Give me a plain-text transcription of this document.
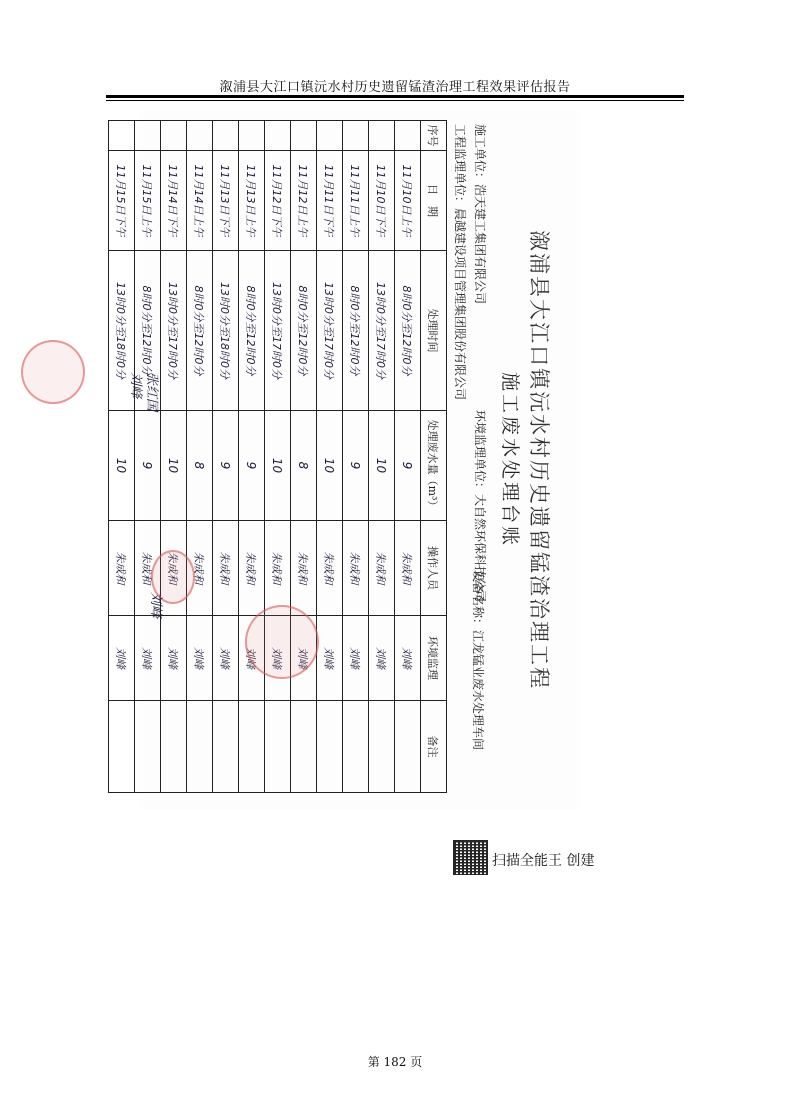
溆浦县大江口镇沅水村历史遗留锰渣治理工程效果评估报告
溆浦县大江口镇沅水村历史遗留锰渣治理工程
施工废水处理台账
施工单位：浩天建工集团有限公司
环境监理单位：大自然环保科技公司
工程监理单位：晨越建设项目管理集团股份有限公司
设备名称：江龙锰业废水处理车间
序号	日　期	处理时间	处理废水量（m³）	操作人员	环境监理	备注
	11月10日上午	8时0分至12时0分	9	朱成和	刘峰	
	11月10日下午	13时0分至17时0分	10	朱成和	刘峰	
	11月11日上午	8时0分至12时0分	9	朱成和	刘峰	
	11月11日下午	13时0分至17时0分	10	朱成和	刘峰	
	11月12日上午	8时0分至12时0分	8	朱成和	刘峰	
	11月12日下午	13时0分至17时0分	10	朱成和	刘峰	
	11月13日上午	8时0分至12时0分	9	朱成和	刘峰	
	11月13日下午	13时0分至18时0分	9	朱成和	刘峰	
	11月14日上午	8时0分至12时0分	8	朱成和	刘峰	
	11月14日下午	13时0分至17时0分	10	朱成和	刘峰	
	11月15日上午	8时0分至12时0分	9	朱成和	刘峰	
	11月15日下午	13时0分至18时0分	10	朱成和	刘峰	
刘峰
刘峰 张红国
扫描全能王 创建
第 182 页
